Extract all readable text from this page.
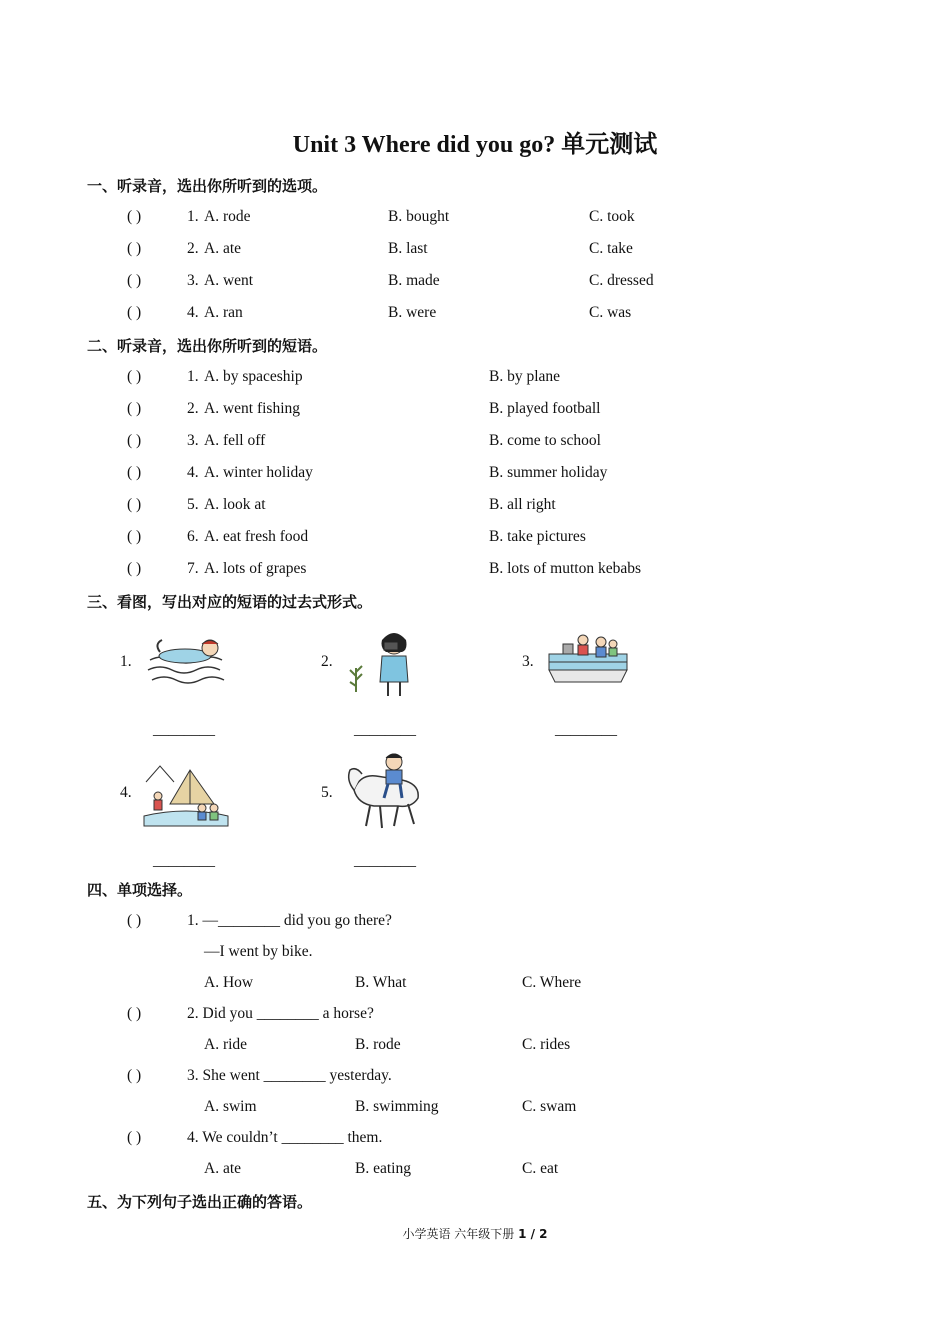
Unit 3 Where did you go? 单元测试
一、听录音，选出你所听到的选项。
( )	1. A. rode	B. bought	C. took
( )	2. A. ate	B. last	C. take
( )	3. A. went	B. made	C. dressed
( )	4. A. ran	B. were	C. was
二、听录音，选出你所听到的短语。
( )	1. A. by spaceship	B. by plane
( )	2. A. went fishing	B. played football
( )	3. A. fell off	B. come to school
( )	4. A. winter holiday	B. summer holiday
( )	5. A. look at	B. all right
( )	6. A. eat fresh food	B. take pictures
( )	7. A. lots of grapes	B. lots of mutton kebabs
三、看图，写出对应的短语的过去式形式。
1.
________
2.
________
3.
________
4.
________
5.
________
四、单项选择。
( )	1. —________ did you go there?
—I went by bike.
A. How	B. What	C. Where
( )	2. Did you ________ a horse?
A. ride	B. rode	C. rides
( )	3. She went ________ yesterday.
A. swim	B. swimming	C. swam
( )	4. We couldn’t ________ them.
A. ate	B. eating	C. eat
五、为下列句子选出正确的答语。
小学英语 六年级下册 1 / 2
